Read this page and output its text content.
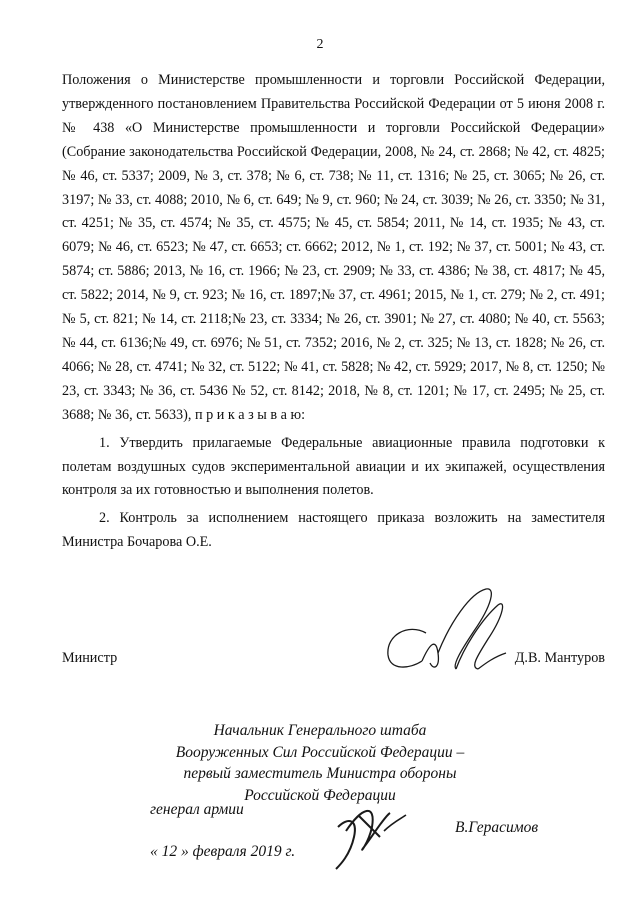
2

Положения о Министерстве промышленности и торговли Российской Федерации, утвержденного постановлением Правительства Российской Федерации от 5 июня 2008 г. № 438 «О Министерстве промышленности и торговли Российской Федерации» (Собрание законодательства Российской Федерации, 2008, № 24, ст. 2868; № 42, ст. 4825; № 46, ст. 5337; 2009, № 3, ст. 378; № 6, ст. 738; № 11, ст. 1316; № 25, ст. 3065; № 26, ст. 3197; № 33, ст. 4088; 2010, № 6, ст. 649; № 9, ст. 960; № 24, ст. 3039; № 26, ст. 3350; № 31, ст. 4251; № 35, ст. 4574; № 35, ст. 4575; № 45, ст. 5854; 2011, № 14, ст. 1935; № 43, ст. 6079; № 46, ст. 6523; № 47, ст. 6653; ст. 6662; 2012, № 1, ст. 192; № 37, ст. 5001; № 43, ст. 5874; ст. 5886; 2013, № 16, ст. 1966; № 23, ст. 2909; № 33, ст. 4386; № 38, ст. 4817; № 45, ст. 5822; 2014, № 9, ст. 923; № 16, ст. 1897;№ 37, ст. 4961; 2015, № 1, ст. 279; № 2, ст. 491; № 5, ст. 821; № 14, ст. 2118;№ 23, ст. 3334; № 26, ст. 3901; № 27, ст. 4080; № 40, ст. 5563; № 44, ст. 6136;№ 49, ст. 6976; № 51, ст. 7352; 2016, № 2, ст. 325; № 13, ст. 1828; № 26, ст. 4066; № 28, ст. 4741; № 32, ст. 5122; № 41, ст. 5828; № 42, ст. 5929; 2017, № 8, ст. 1250; № 23, ст. 3343; № 36, ст. 5436 № 52, ст. 8142; 2018, № 8, ст. 1201; № 17, ст. 2495; № 25, ст. 3688; № 36, ст. 5633), п р и к а з ы в а ю:

1. Утвердить прилагаемые Федеральные авиационные правила подготовки к полетам воздушных судов экспериментальной авиации и их экипажей, осуществления контроля за их готовностью и выполнения полетов.

2. Контроль за исполнением настоящего приказа возложить на заместителя Министра Бочарова О.Е.

Министр	Д.В. Мантуров
Начальник Генерального штаба
Вооруженных Сил Российской Федерации –
первый заместитель Министра обороны
Российской Федерации
генерал армии
В.Герасимов
« 12 » февраля 2019 г.
